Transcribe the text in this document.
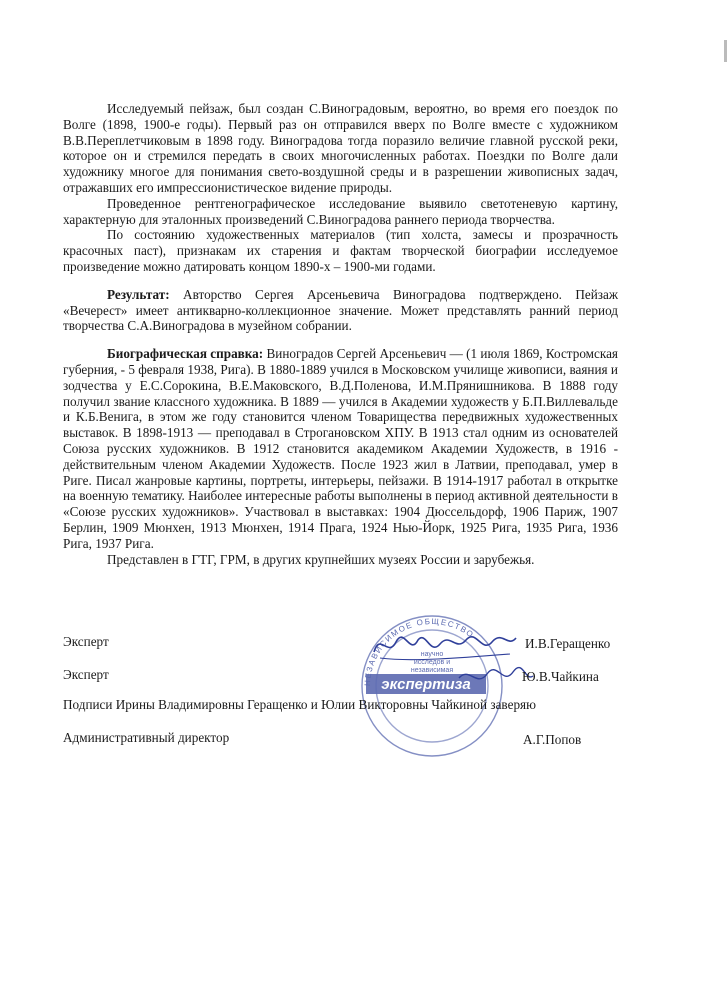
Исследуемый пейзаж, был создан С.Виноградовым, вероятно, во время его поездок по Волге (1898, 1900-е годы). Первый раз он отправился вверх по Волге вместе с художником В.В.Переплетчиковым в 1898 году. Виноградова тогда поразило величие главной русской реки, которое он и стремился передать в своих многочисленных работах. Поездки по Волге дали художнику многое для понимания свето-воздушной среды и в разрешении живописных задач, отражавших его импрессионистическое видение природы.

Проведенное рентгенографическое исследование выявило светотеневую картину, характерную для эталонных произведений С.Виноградова раннего периода творчества.

По состоянию художественных материалов (тип холста, замесы и прозрачность красочных паст), признакам их старения и фактам творческой биографии исследуемое произведение можно датировать концом 1890-х – 1900-ми годами.

Результат: Авторство Сергея Арсеньевича Виноградова подтверждено. Пейзаж «Вечерест» имеет антикварно-коллекционное значение. Может представлять ранний период творчества С.А.Виноградова в музейном собрании.

Биографическая справка: Виноградов Сергей Арсеньевич — (1 июля 1869, Костромская губерния, - 5 февраля 1938, Рига). В 1880-1889 учился в Московском училище живописи, ваяния и зодчества у Е.С.Сорокина, В.Е.Маковского, В.Д.Поленова, И.М.Прянишникова. В 1888 году получил звание классного художника. В 1889 — учился в Академии художеств у Б.П.Виллевальде и К.Б.Венига, в этом же году становится членом Товарищества передвижных художественных выставок. В 1898-1913 — преподавал в Строгановском ХПУ. В 1913 стал одним из основателей Союза русских художников. В 1912 становится академиком Академии Художеств, в 1916 - действительным членом Академии Художеств. После 1923 жил в Латвии, преподавал, умер в Риге. Писал жанровые картины, портреты, интерьеры, пейзажи. В 1914-1917 работал в открытке на военную тематику. Наиболее интересные работы выполнены в период активной деятельности в «Союзе русских художников». Участвовал в выставках: 1904 Дюссельдорф, 1906 Париж, 1907 Берлин, 1909 Мюнхен, 1913 Мюнхен, 1914 Прага, 1924 Нью-Йорк, 1925 Рига, 1935 Рига, 1936 Рига, 1937 Рига.

Представлен в ГТГ, ГРМ, в других крупнейших музеях России и зарубежья.

экспертиза
научно
исследов и
независимая
НЕЗАВИСИМОЕ ОБЩЕСТВО
Эксперт	И.В.Геращенко
Эксперт	Ю.В.Чайкина
Подписи Ирины Владимировны Геращенко и Юлии Викторовны Чайкиной заверяю
Административный директор	А.Г.Попов
